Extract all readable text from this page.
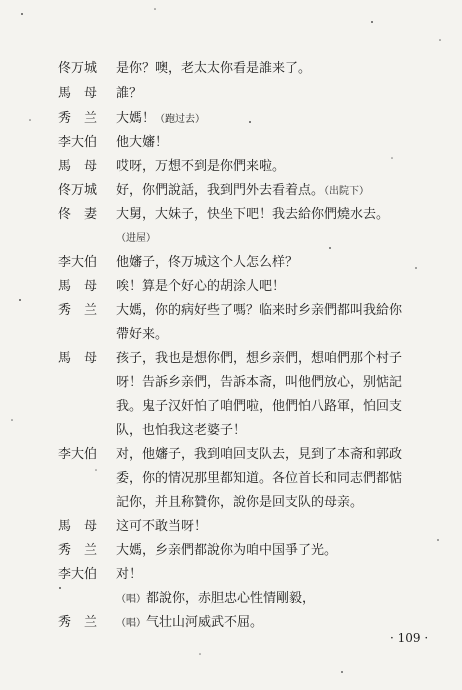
佟万城	是你？噢，老太太你看是誰来了。
馬　母	誰？
秀　兰	大媽！（跑过去）
李大伯	他大嬸！
馬　母	哎呀，万想不到是你們来啦。
佟万城	好，你們說話，我到門外去看着点。（出院下）
佟　妻	大舅，大妹子，快坐下吧！我去給你們燒水去。
（进屋）
李大伯	他嬸子，佟万城这个人怎么样？
馬　母	唉！算是个好心的胡涂人吧！
秀　兰	大媽，你的病好些了嗎？临来时乡亲們都叫我給你
帶好来。
馬　母	孩子，我也是想你們，想乡亲們，想咱們那个村子
呀！告訴乡亲們，告訴本斋，叫他們放心，别惦記
我。鬼子汉奸怕了咱們啦，他們怕八路軍，怕回支
队，也怕我这老婆子！
李大伯	对，他嬸子，我到咱回支队去，見到了本斋和郭政
委，你的情况那里都知道。各位首长和同志們都惦
記你，并且称贊你，說你是回支队的母亲。
馬　母	这可不敢当呀！
秀　兰	大媽，乡亲們都說你为咱中国爭了光。
李大伯	对！
（唱）都說你，赤胆忠心性情剛毅，
秀　兰	（唱）气壮山河威武不屈。
· 109 ·
